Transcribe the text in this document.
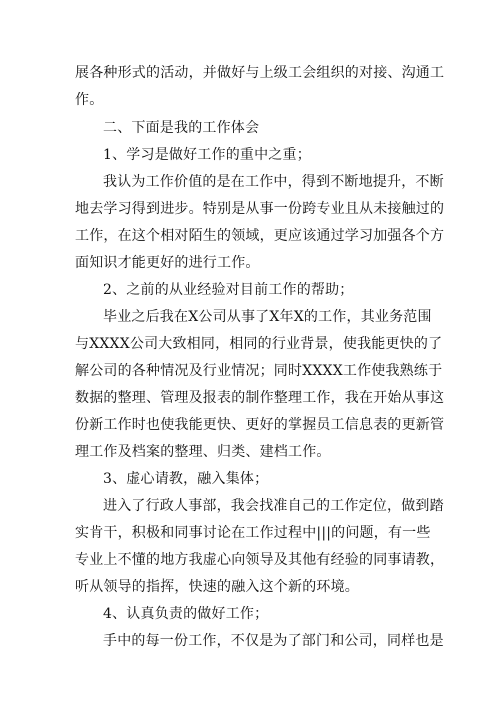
展各种形式的活动，并做好与上级工会组织的对接、沟通工
作。
二、下面是我的工作体会
1、学习是做好工作的重中之重；
我认为工作价值的是在工作中，得到不断地提升，不断
地去学习得到进步。特别是从事一份跨专业且从未接触过的
工作，在这个相对陌生的领域，更应该通过学习加强各个方
面知识才能更好的进行工作。
2、之前的从业经验对目前工作的帮助；
毕业之后我在X公司从事了X年X的工作，其业务范围
与XXXX公司大致相同，相同的行业背景，使我能更快的了
解公司的各种情况及行业情况；同时XXXX工作使我熟练于
数据的整理、管理及报表的制作整理工作，我在开始从事这
份新工作时也使我能更快、更好的掌握员工信息表的更新管
理工作及档案的整理、归类、建档工作。
3、虚心请教，融入集体；
进入了行政人事部，我会找准自己的工作定位，做到踏
实肯干，积极和同事讨论在工作过程中|||的问题，有一些
专业上不懂的地方我虚心向领导及其他有经验的同事请教，
听从领导的指挥，快速的融入这个新的环境。
4、认真负责的做好工作；
手中的每一份工作，不仅是为了部门和公司，同样也是
